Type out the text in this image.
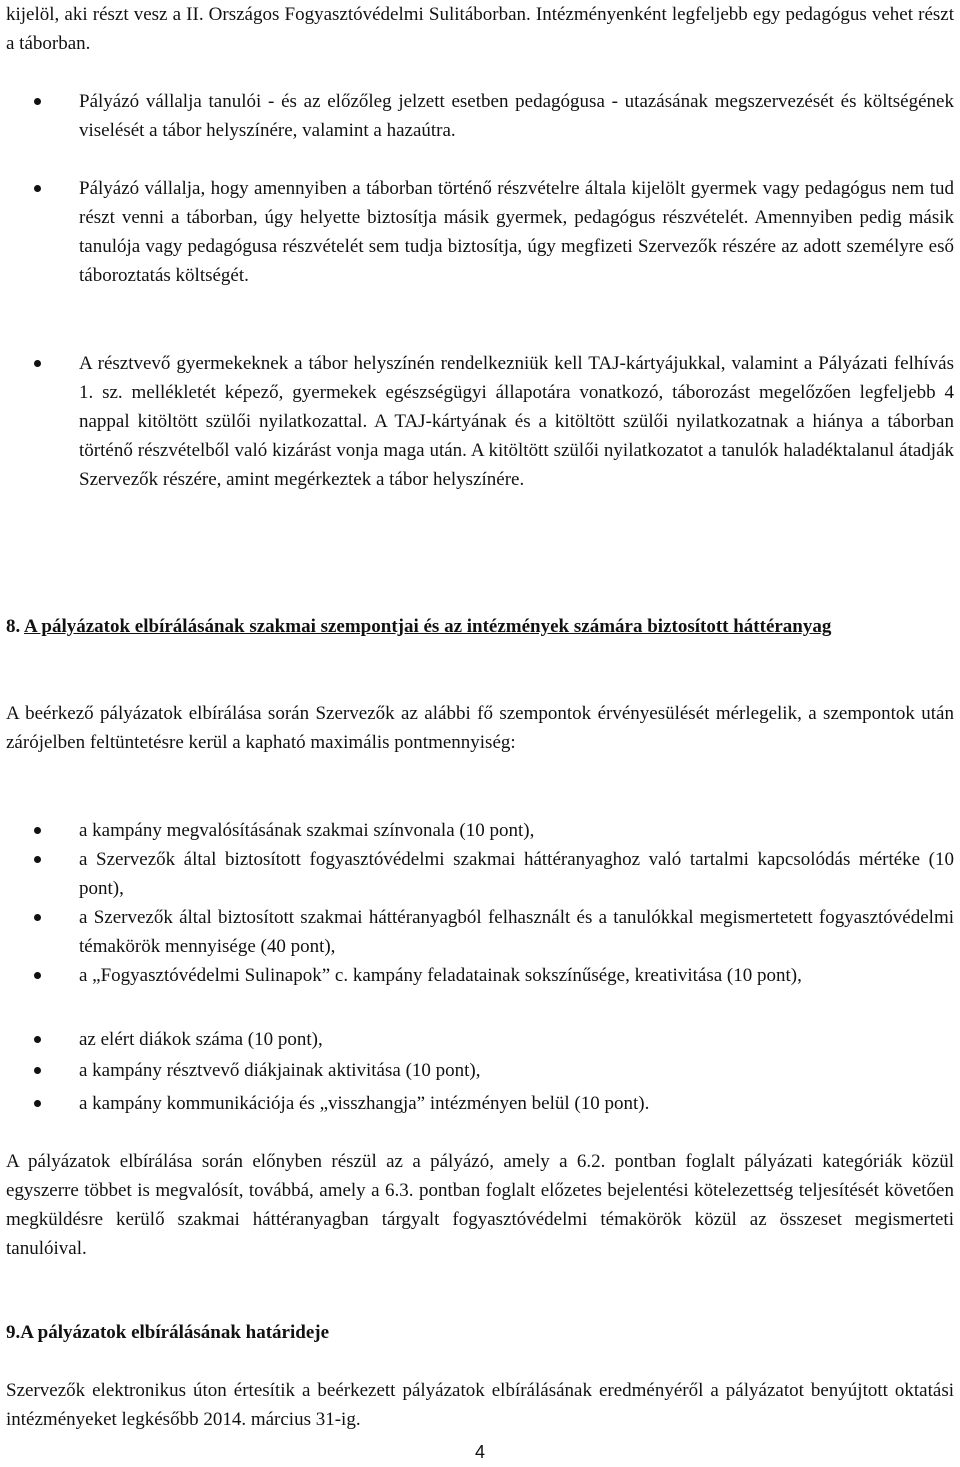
kijelöl, aki részt vesz a II. Országos Fogyasztóvédelmi Sulitáborban. Intézményenként legfeljebb egy pedagógus vehet részt a táborban.

Pályázó vállalja tanulói - és az előzőleg jelzett esetben pedagógusa - utazásának megszervezését és költségének viselését a tábor helyszínére, valamint a hazaútra.

Pályázó vállalja, hogy amennyiben a táborban történő részvételre általa kijelölt gyermek vagy pedagógus nem tud részt venni a táborban, úgy helyette biztosítja másik gyermek, pedagógus részvételét. Amennyiben pedig másik tanulója vagy pedagógusa részvételét sem tudja biztosítja, úgy megfizeti Szervezők részére az adott személyre eső táboroztatás költségét.

A résztvevő gyermekeknek a tábor helyszínén rendelkezniük kell TAJ-kártyájukkal, valamint a Pályázati felhívás 1. sz. mellékletét képező, gyermekek egészségügyi állapotára vonatkozó, táborozást megelőzően legfeljebb 4 nappal kitöltött szülői nyilatkozattal. A TAJ-kártyának és a kitöltött szülői nyilatkozatnak a hiánya a táborban történő részvételből való kizárást vonja maga után. A kitöltött szülői nyilatkozatot a tanulók haladéktalanul átadják Szervezők részére, amint megérkeztek a tábor helyszínére.

8. A pályázatok elbírálásának szakmai szempontjai és az intézmények számára biztosított háttéranyag

A beérkező pályázatok elbírálása során Szervezők az alábbi fő szempontok érvényesülését mérlegelik, a szempontok után zárójelben feltüntetésre kerül a kapható maximális pontmennyiség:

a kampány megvalósításának szakmai színvonala (10 pont),

a Szervezők által biztosított fogyasztóvédelmi szakmai háttéranyaghoz való tartalmi kapcsolódás mértéke (10 pont),

a Szervezők által biztosított szakmai háttéranyagból felhasznált és a tanulókkal megismertetett fogyasztóvédelmi témakörök mennyisége (40 pont),

a „Fogyasztóvédelmi Sulinapok” c. kampány feladatainak sokszínűsége, kreativitása (10 pont),

az elért diákok száma (10 pont),

a kampány résztvevő diákjainak aktivitása (10 pont),

a kampány kommunikációja és „visszhangja” intézményen belül (10 pont).

A pályázatok elbírálása során előnyben részül az a pályázó, amely a 6.2. pontban foglalt pályázati kategóriák közül egyszerre többet is megvalósít, továbbá, amely a 6.3. pontban foglalt előzetes bejelentési kötelezettség teljesítését követően megküldésre kerülő szakmai háttéranyagban tárgyalt fogyasztóvédelmi témakörök közül az összeset megismerteti tanulóival.

9.A pályázatok elbírálásának határideje

Szervezők elektronikus úton értesítik a beérkezett pályázatok elbírálásának eredményéről a pályázatot benyújtott oktatási intézményeket legkésőbb 2014. március 31-ig.

4
